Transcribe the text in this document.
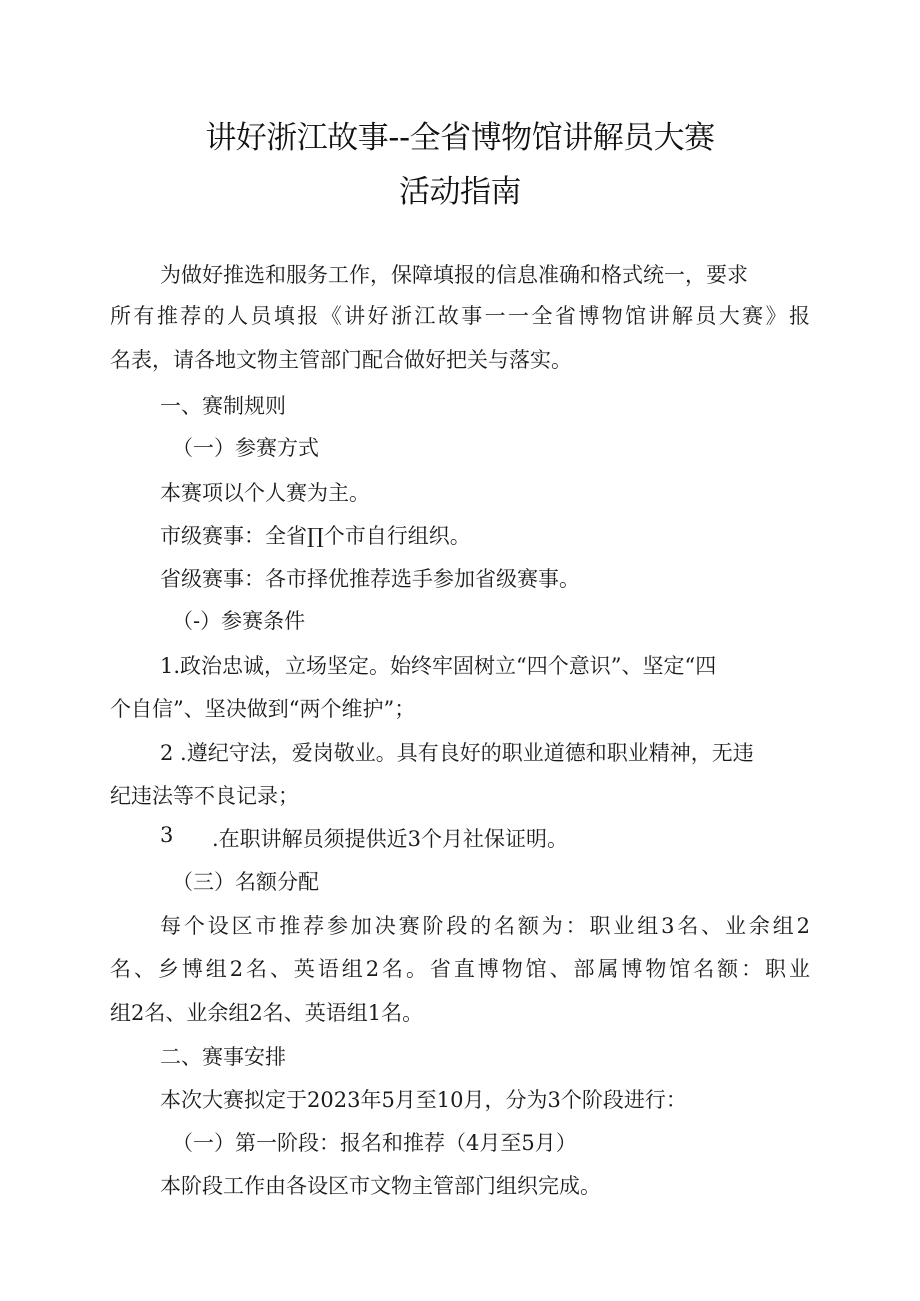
讲好浙江故事--全省博物馆讲解员大赛
活动指南
为做好推选和服务工作，保障填报的信息准确和格式统一，要求
所有推荐的人员填报《讲好浙江故事一一全省博物馆讲解员大赛》报
名表，请各地文物主管部门配合做好把关与落实。
一、赛制规则
（一）参赛方式
本赛项以个人赛为主。
市级赛事：全省∏个市自行组织。
省级赛事：各市择优推荐选手参加省级赛事。
（-）参赛条件
1.政治忠诚，立场坚定。始终牢固树立“四个意识”、坚定“四
个自信”、坚决做到“两个维护”；
2 .遵纪守法，爱岗敬业。具有良好的职业道德和职业精神，无违
纪违法等不良记录；
3 .在职讲解员须提供近3个月社保证明。
（三）名额分配
每个设区市推荐参加决赛阶段的名额为：职业组3名、业余组2
名、乡博组2名、英语组2名。省直博物馆、部属博物馆名额：职业
组2名、业余组2名、英语组1名。
二、赛事安排
本次大赛拟定于2023年5月至10月，分为3个阶段进行：
（一）第一阶段：报名和推荐（4月至5月）
本阶段工作由各设区市文物主管部门组织完成。
